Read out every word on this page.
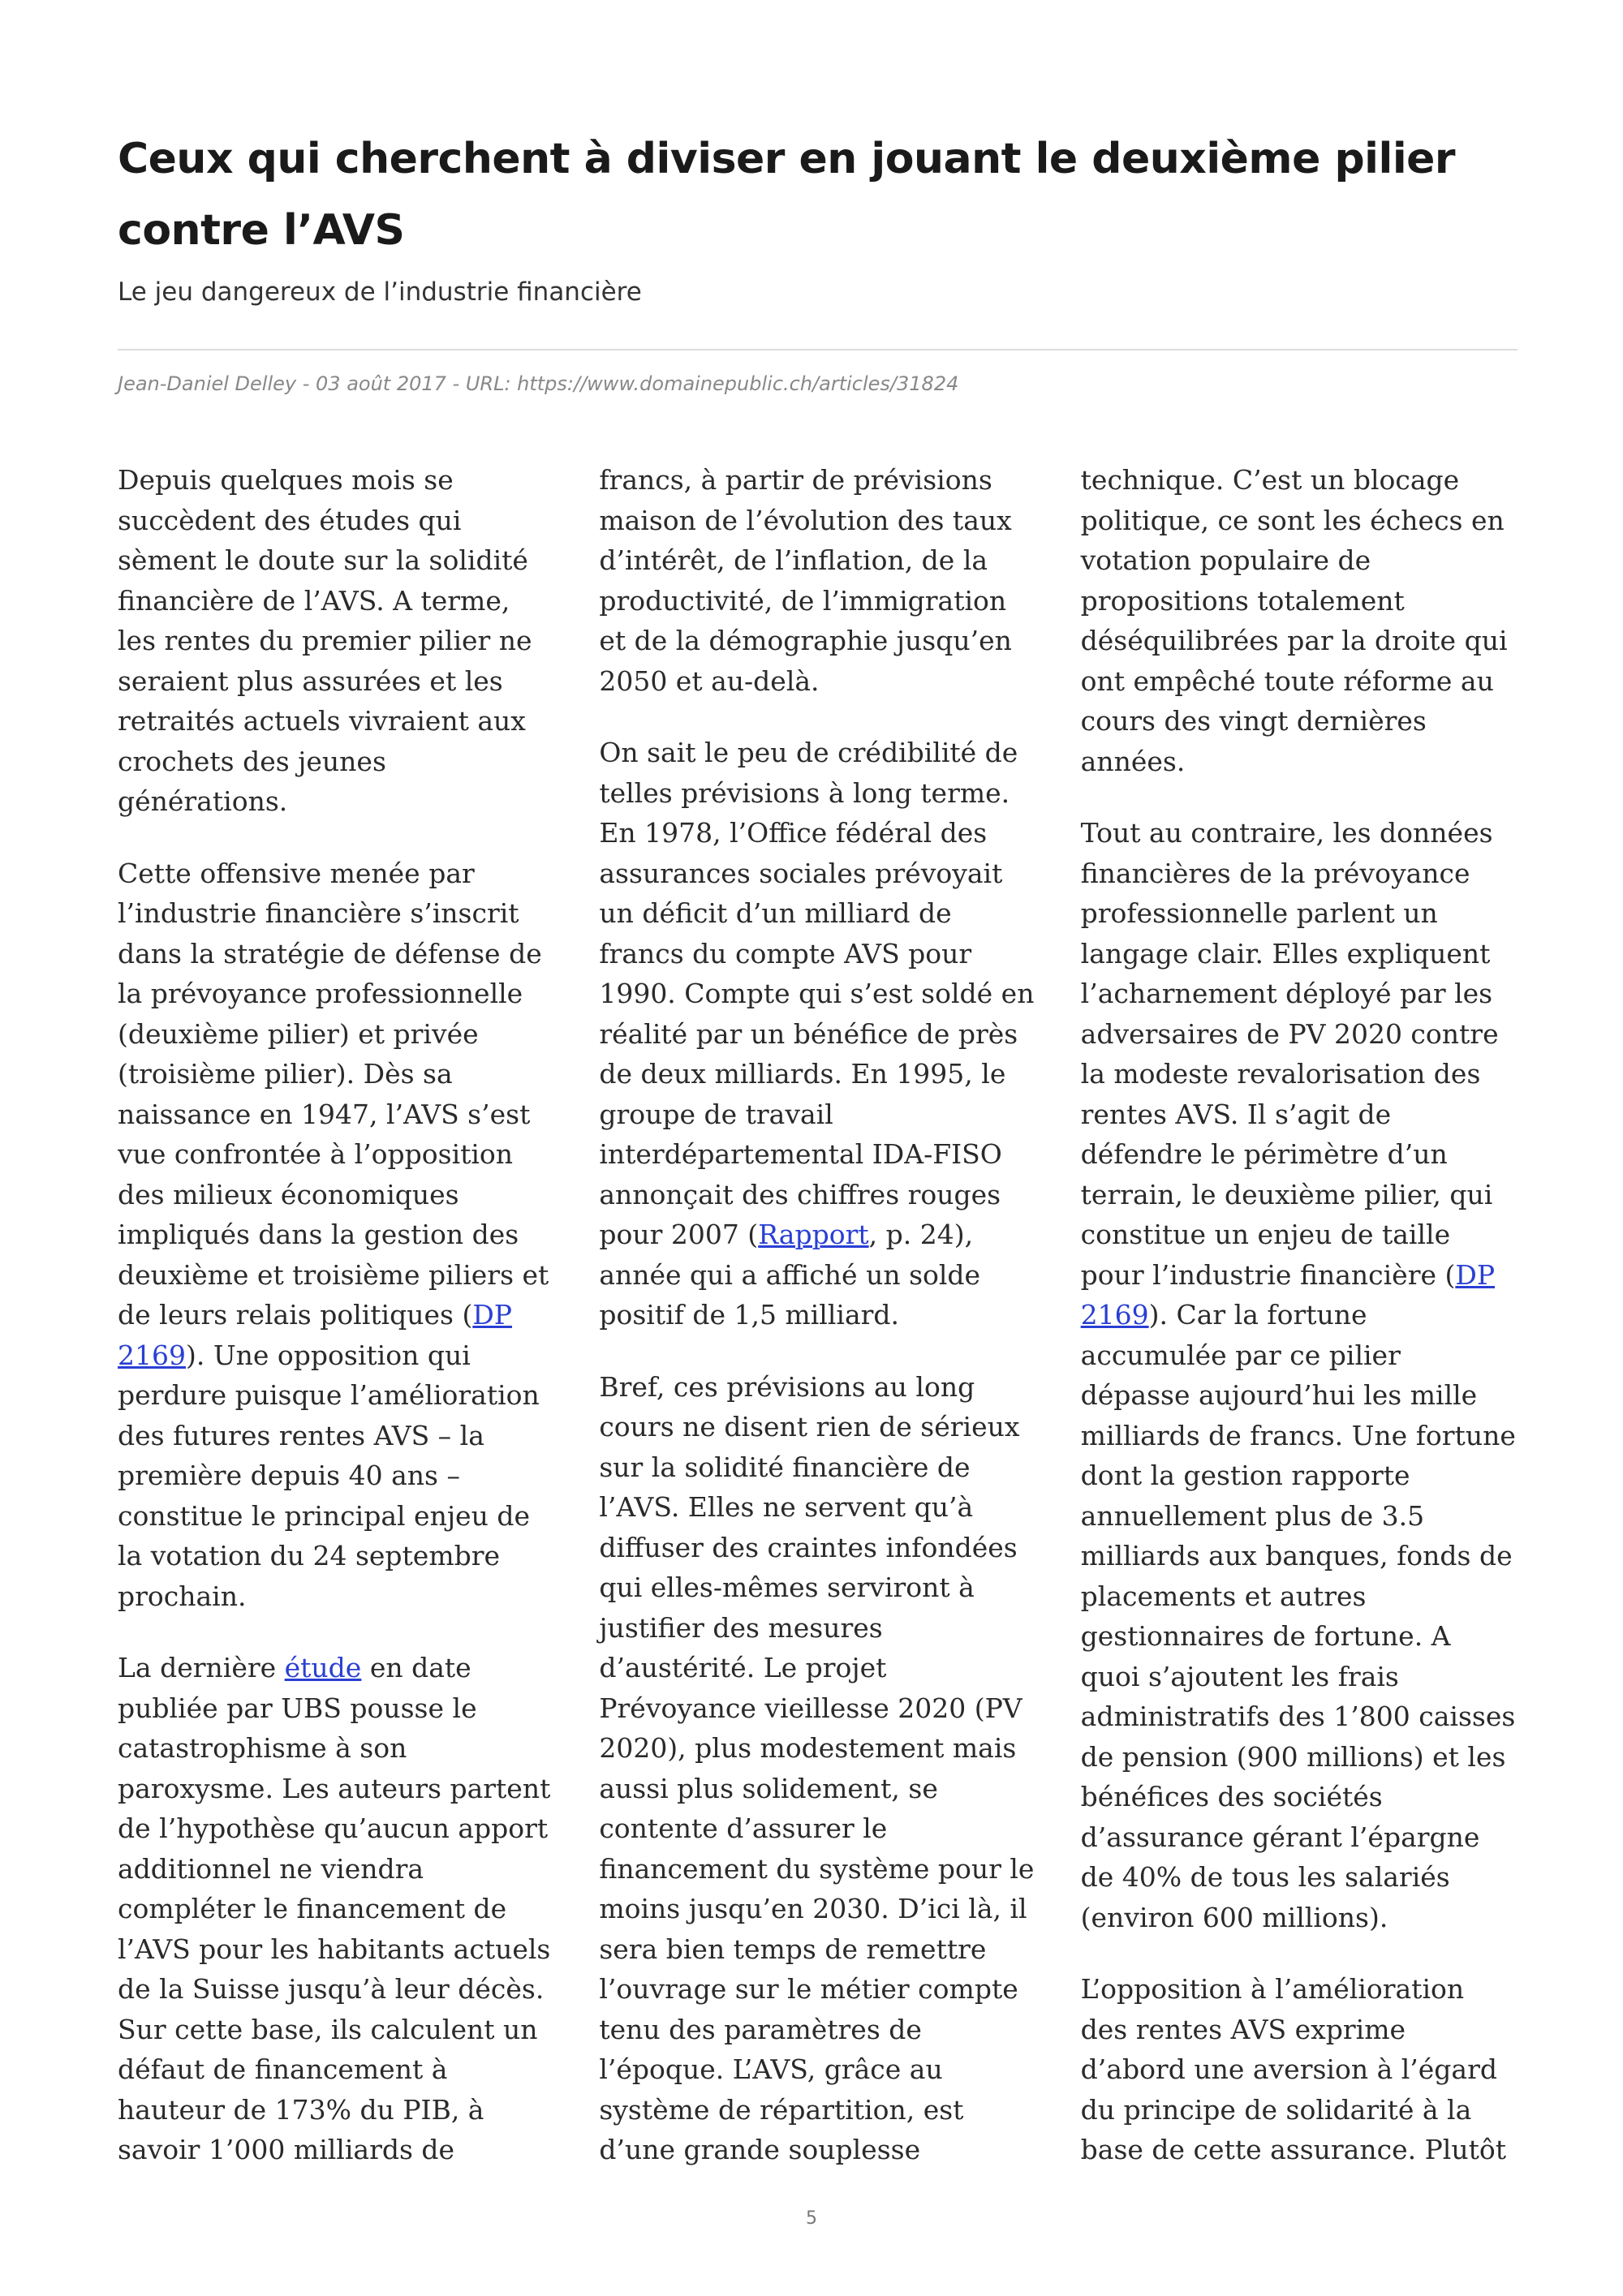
Ceux qui cherchent à diviser en jouant le deuxième pilier contre l’AVS
Le jeu dangereux de l’industrie financière
Jean-Daniel Delley - 03 août 2017 - URL: https://www.domainepublic.ch/articles/31824

Depuis quelques mois se succèdent des études qui sèment le doute sur la solidité financière de l’AVS. A terme, les rentes du premier pilier ne seraient plus assurées et les retraités actuels vivraient aux crochets des jeunes générations.

Cette offensive menée par l’industrie financière s’inscrit dans la stratégie de défense de la prévoyance professionnelle (deuxième pilier) et privée (troisième pilier). Dès sa naissance en 1947, l’AVS s’est vue confrontée à l’opposition des milieux économiques impliqués dans la gestion des deuxième et troisième piliers et de leurs relais politiques (DP 2169). Une opposition qui perdure puisque l’amélioration des futures rentes AVS – la première depuis 40 ans – constitue le principal enjeu de la votation du 24 septembre prochain.

La dernière étude en date publiée par UBS pousse le catastrophisme à son paroxysme. Les auteurs partent de l’hypothèse qu’aucun apport additionnel ne viendra compléter le financement de l’AVS pour les habitants actuels de la Suisse jusqu’à leur décès. Sur cette base, ils calculent un défaut de financement à hauteur de 173% du PIB, à savoir 1’000 milliards de francs, à partir de prévisions maison de l’évolution des taux d’intérêt, de l’inflation, de la productivité, de l’immigration et de la démographie jusqu’en 2050 et au-delà.

On sait le peu de crédibilité de telles prévisions à long terme. En 1978, l’Office fédéral des assurances sociales prévoyait un déficit d’un milliard de francs du compte AVS pour 1990. Compte qui s’est soldé en réalité par un bénéfice de près de deux milliards. En 1995, le groupe de travail interdépartemental IDA-FISO annonçait des chiffres rouges pour 2007 (Rapport, p. 24), année qui a affiché un solde positif de 1,5 milliard.

Bref, ces prévisions au long cours ne disent rien de sérieux sur la solidité financière de l’AVS. Elles ne servent qu’à diffuser des craintes infondées qui elles-mêmes serviront à justifier des mesures d’austérité. Le projet Prévoyance vieillesse 2020 (PV 2020), plus modestement mais aussi plus solidement, se contente d’assurer le financement du système pour le moins jusqu’en 2030. D’ici là, il sera bien temps de remettre l’ouvrage sur le métier compte tenu des paramètres de l’époque. L’AVS, grâce au système de répartition, est d’une grande souplesse technique. C’est un blocage politique, ce sont les échecs en votation populaire de propositions totalement déséquilibrées par la droite qui ont empêché toute réforme au cours des vingt dernières années.

Tout au contraire, les données financières de la prévoyance professionnelle parlent un langage clair. Elles expliquent l’acharnement déployé par les adversaires de PV 2020 contre la modeste revalorisation des rentes AVS. Il s’agit de défendre le périmètre d’un terrain, le deuxième pilier, qui constitue un enjeu de taille pour l’industrie financière (DP 2169). Car la fortune accumulée par ce pilier dépasse aujourd’hui les mille milliards de francs. Une fortune dont la gestion rapporte annuellement plus de 3.5 milliards aux banques, fonds de placements et autres gestionnaires de fortune. A quoi s’ajoutent les frais administratifs des 1’800 caisses de pension (900 millions) et les bénéfices des sociétés d’assurance gérant l’épargne de 40% de tous les salariés (environ 600 millions).

L’opposition à l’amélioration des rentes AVS exprime d’abord une aversion à l’égard du principe de solidarité à la base de cette assurance. Plutôt

5
